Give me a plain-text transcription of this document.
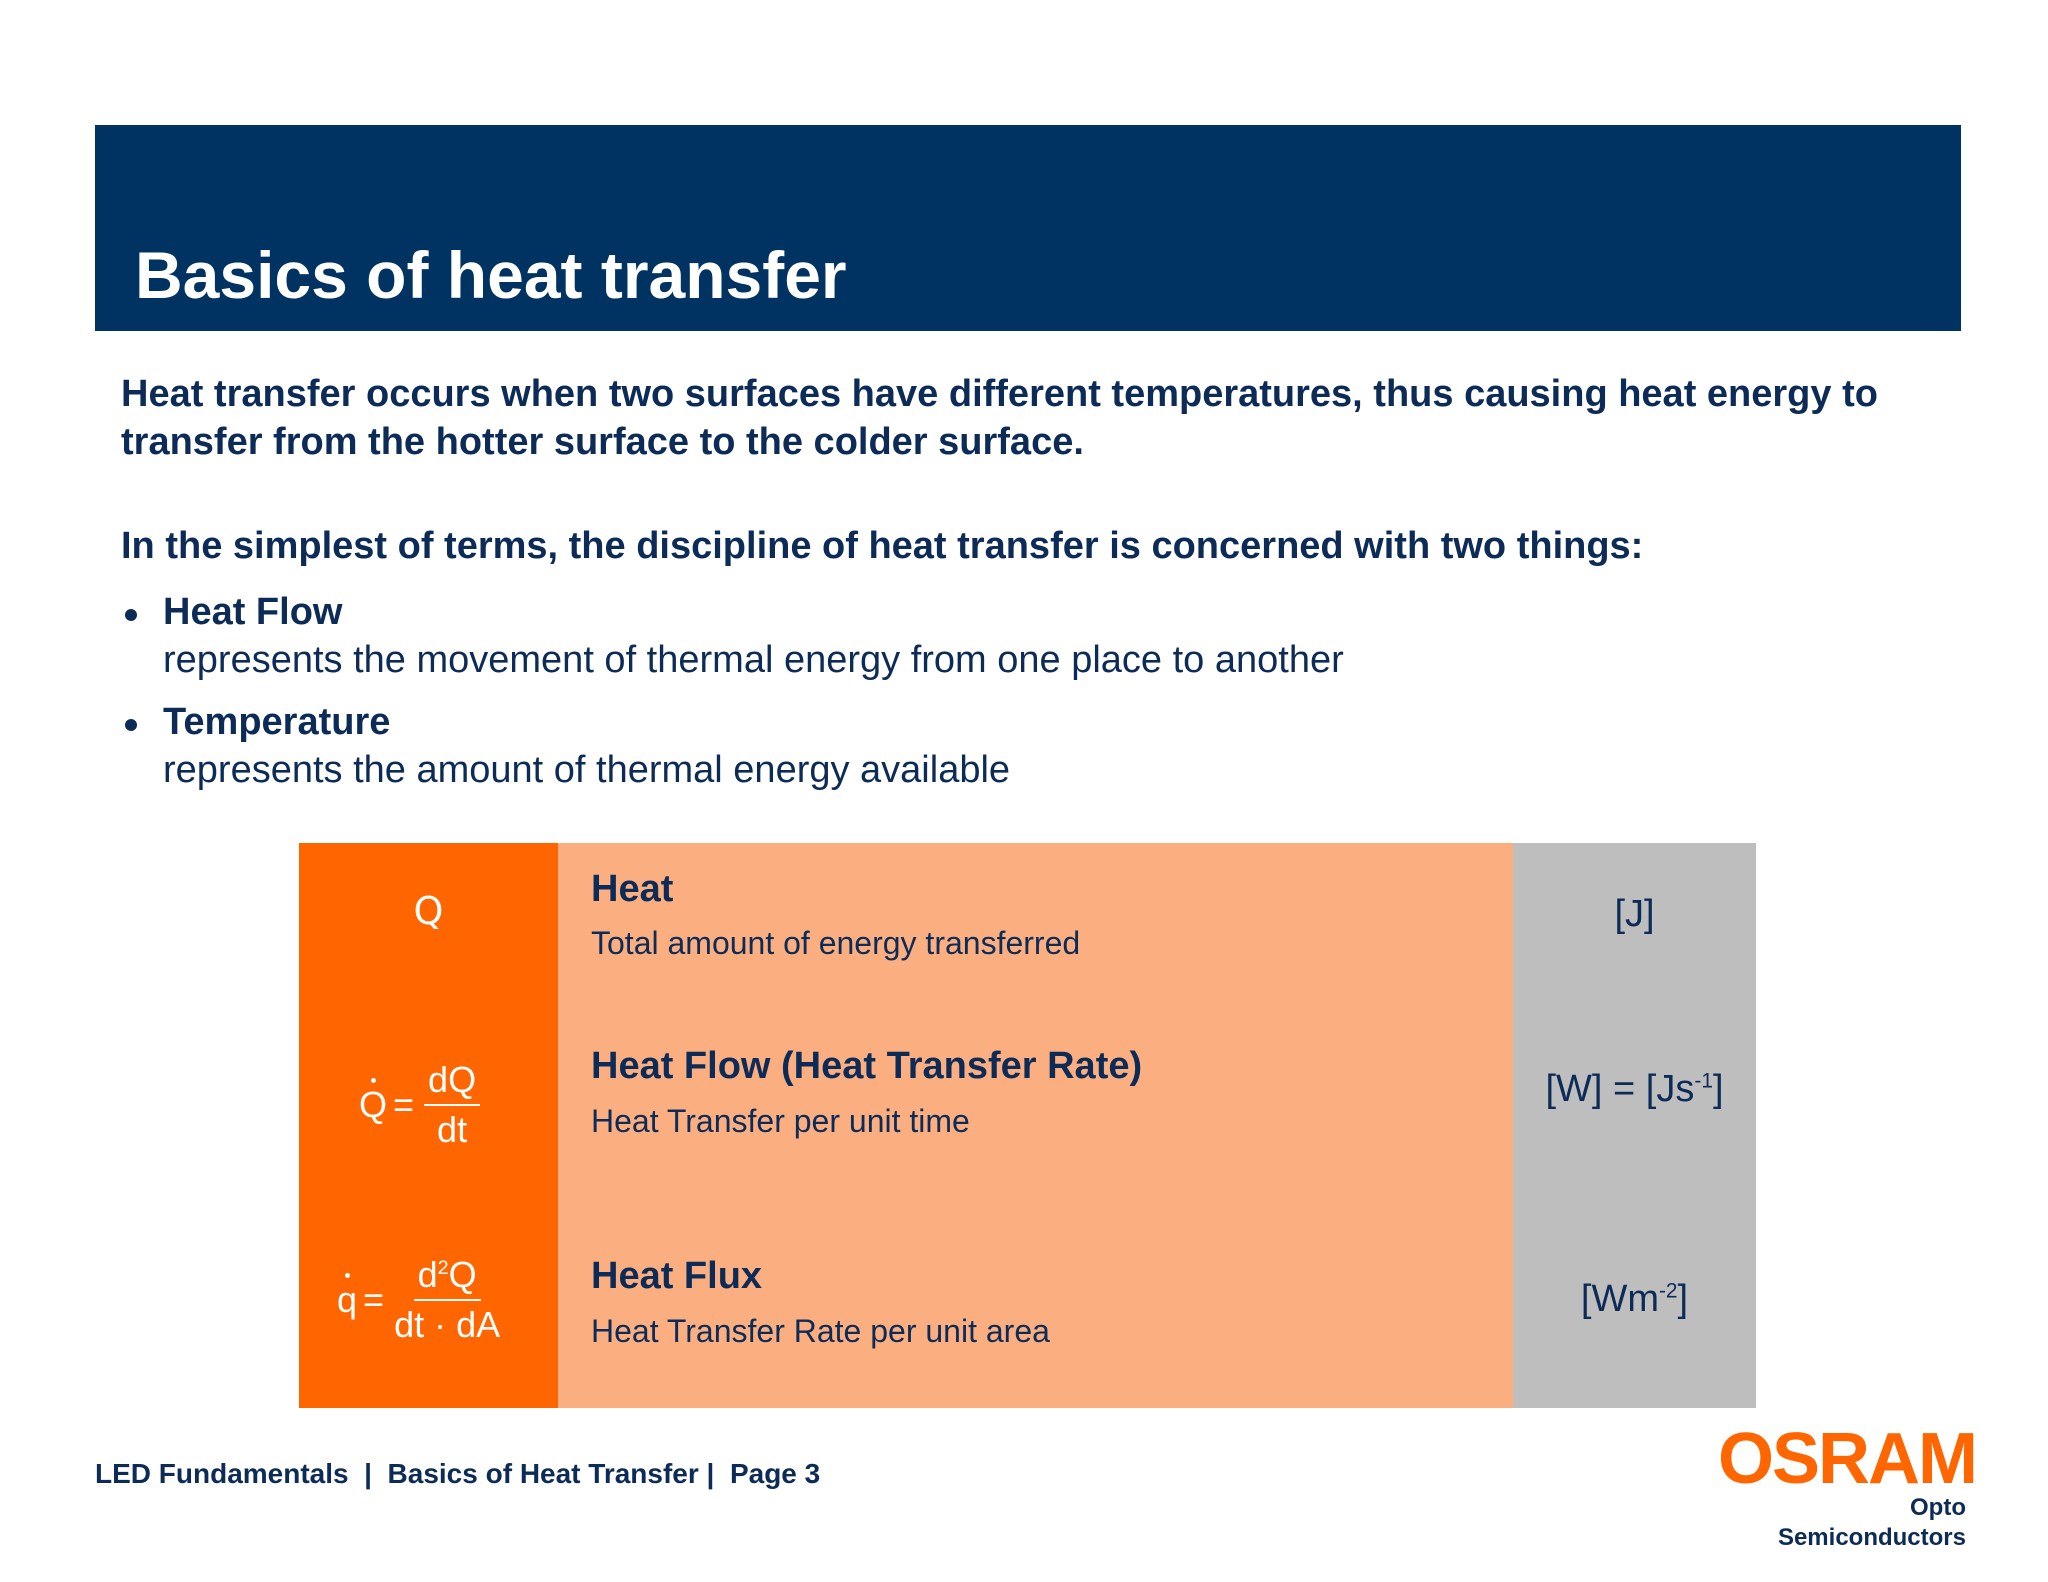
Basics of heat transfer

Heat transfer occurs when two surfaces have different temperatures, thus causing heat energy to transfer from the hotter surface to the colder surface.

In the simplest of terms, the discipline of heat transfer is concerned with two things:

Heat Flow
represents the movement of thermal energy from one place to another
Temperature
represents the amount of thermal energy available
Q
$Q = \frac{dQ}{dt}$
$q = \frac{d^2Q}{dt \cdot dA}$
Heat
Total amount of energy transferred
Heat Flow (Heat Transfer Rate)
Heat Transfer per unit time
Heat Flux
Heat Transfer Rate per unit area
[J]
$[W] = [Js^{-1}]$
$[Wm^{-2}]$
LED Fundamentals  |  Basics of Heat Transfer |  Page 3	OSRAM
Opto Semiconductors
